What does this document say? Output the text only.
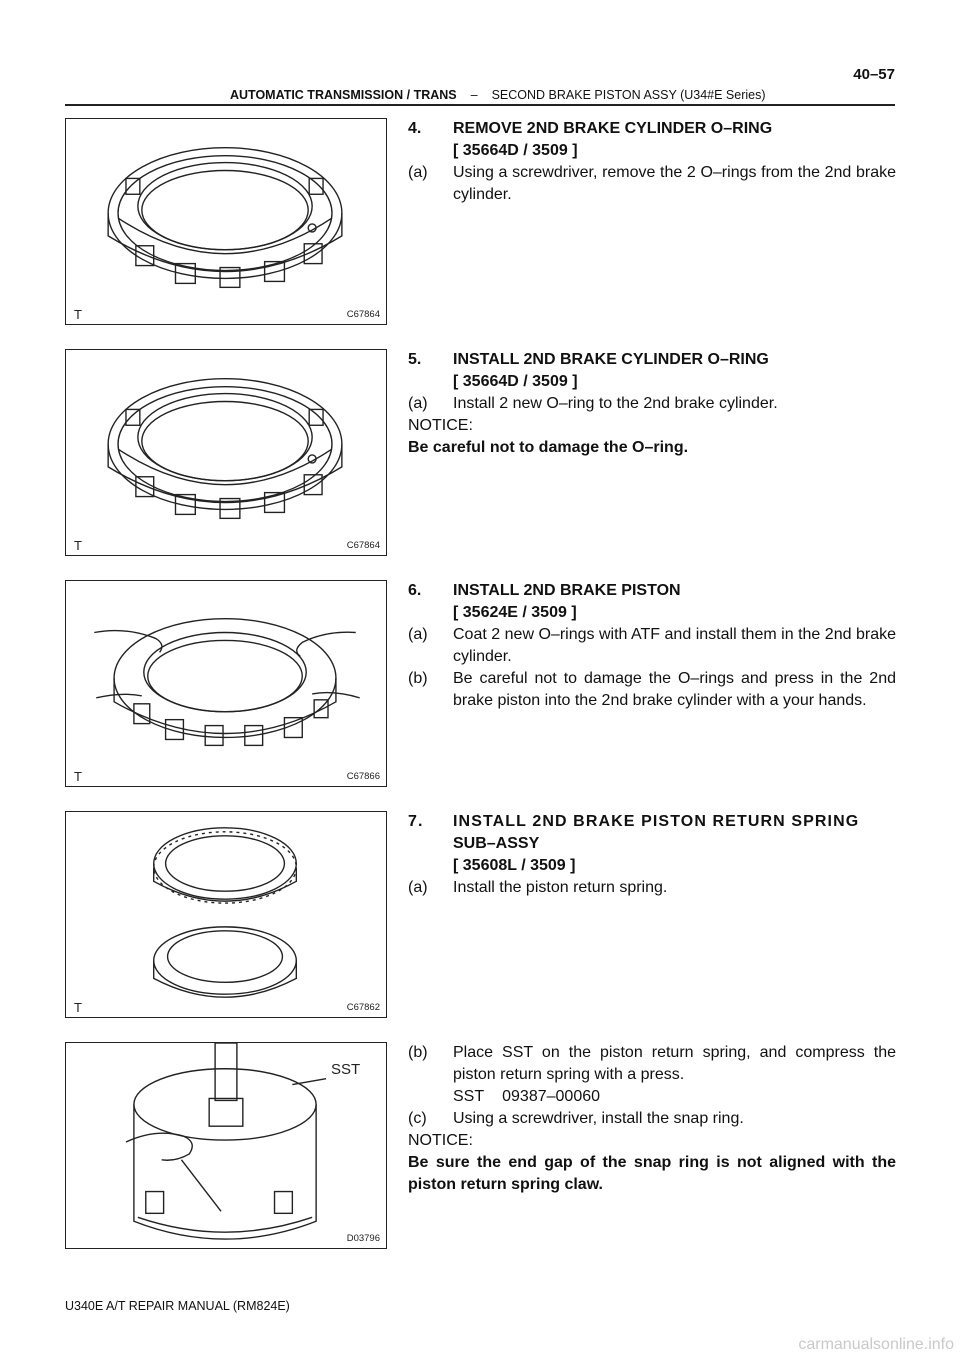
AUTOMATIC TRANSMISSION / TRANS – SECOND BRAKE PISTON ASSY (U34#E Series)
40–57
T	C67864
T	C67864
T	C67866
T	C67862
SST
D03796
4. REMOVE 2ND BRAKE CYLINDER O–RING
[ 35664D / 3509 ]
(a) Using a screwdriver, remove the 2 O–rings from the 2nd brake cylinder.
5. INSTALL 2ND BRAKE CYLINDER O–RING
[ 35664D / 3509 ]
(a) Install 2 new O–ring to the 2nd brake cylinder.
NOTICE:
Be careful not to damage the O–ring.
6. INSTALL 2ND BRAKE PISTON
[ 35624E / 3509 ]
(a) Coat 2 new O–rings with ATF and install them in the 2nd brake cylinder.
(b) Be careful not to damage the O–rings and press in the 2nd brake piston into the 2nd brake cylinder with a your hands.
7. INSTALL 2ND BRAKE PISTON RETURN SPRING
SUB–ASSY
[ 35608L / 3509 ]
(a) Install the piston return spring.
(b) Place SST on the piston return spring, and compress the piston return spring with a press.
SST 09387–00060
(c) Using a screwdriver, install the snap ring.
NOTICE:
Be sure the end gap of the snap ring is not aligned with the piston return spring claw.
U340E A/T REPAIR MANUAL (RM824E)
carmanualsonline.info
